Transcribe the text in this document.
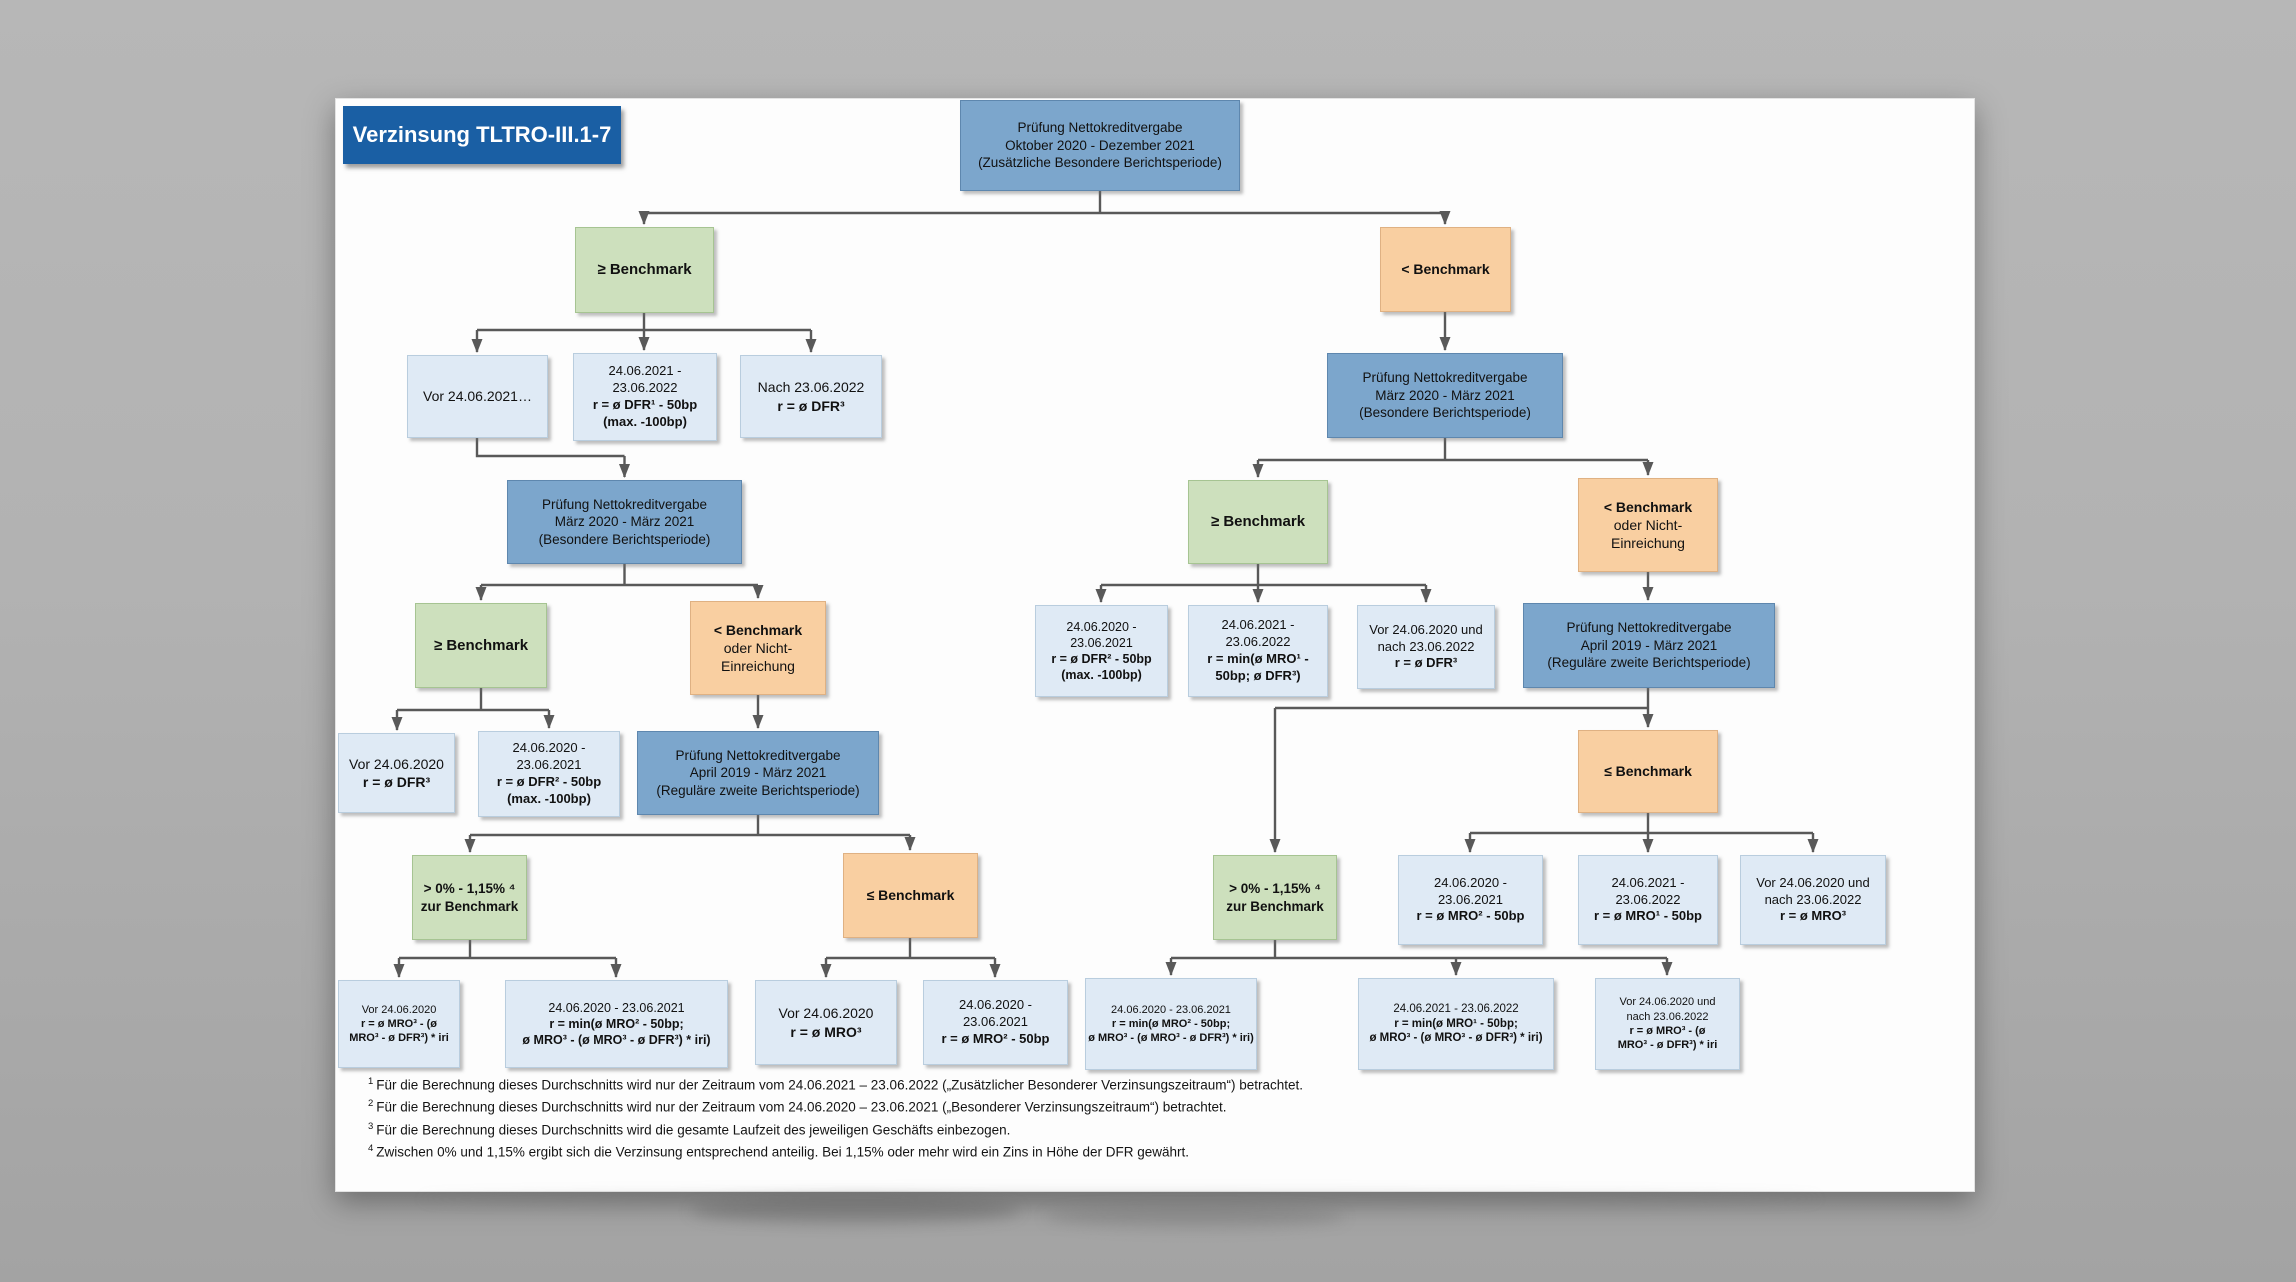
Verzinsung TLTRO-III.1-7	Prüfung Nettokreditvergabe
Oktober 2020 - Dezember 2021
(Zusätzliche Besondere Berichtsperiode)
≥ Benchmark	< Benchmark
Vor 24.06.2021…
24.06.2021 -
23.06.2022
r = ø DFR¹ - 50bp
(max. -100bp)
Nach 23.06.2022
r = ø DFR³
Prüfung Nettokreditvergabe
März 2020 - März 2021
(Besondere Berichtsperiode)
≥ Benchmark
< Benchmark
oder Nicht-
Einreichung
Vor 24.06.2020
r = ø DFR³
24.06.2020 -
23.06.2021
r = ø DFR² - 50bp
(max. -100bp)
Prüfung Nettokreditvergabe
April 2019 - März 2021
(Reguläre zweite Berichtsperiode)
> 0% - 1,15% ⁴
zur Benchmark
≤ Benchmark
Vor 24.06.2020
r = ø MRO³ - (ø
MRO³ - ø DFR³) * iri
24.06.2020 - 23.06.2021
r = min(ø MRO² - 50bp;
ø MRO³ - (ø MRO³ - ø DFR³) * iri)
Vor 24.06.2020
r = ø MRO³
24.06.2020 -
23.06.2021
r = ø MRO² - 50bp
Prüfung Nettokreditvergabe
März 2020 - März 2021
(Besondere Berichtsperiode)
≥ Benchmark
< Benchmark
oder Nicht-
Einreichung
24.06.2020 -
23.06.2021
r = ø DFR² - 50bp
(max. -100bp)
24.06.2021 -
23.06.2022
r = min(ø MRO¹ -
50bp; ø DFR³)
Vor 24.06.2020 und
nach 23.06.2022
r = ø DFR³
Prüfung Nettokreditvergabe
April 2019 - März 2021
(Reguläre zweite Berichtsperiode)
≤ Benchmark
> 0% - 1,15% ⁴
zur Benchmark
24.06.2020 -
23.06.2021
r = ø MRO² - 50bp
24.06.2021 -
23.06.2022
r = ø MRO¹ - 50bp
Vor 24.06.2020 und
nach 23.06.2022
r = ø MRO³
24.06.2020 - 23.06.2021
r = min(ø MRO² - 50bp;
ø MRO³ - (ø MRO³ - ø DFR³) * iri)
24.06.2021 - 23.06.2022
r = min(ø MRO¹ - 50bp;
ø MRO³ - (ø MRO³ - ø DFR³) * iri)
Vor 24.06.2020 und
nach 23.06.2022
r = ø MRO³ - (ø
MRO³ - ø DFR³) * iri
$^1$ Für die Berechnung dieses Durchschnitts wird nur der Zeitraum vom 24.06.2021 – 23.06.2022 („Zusätzlicher Besonderer Verzinsungszeitraum“) betrachtet.
$^2$ Für die Berechnung dieses Durchschnitts wird nur der Zeitraum vom 24.06.2020 – 23.06.2021 („Besonderer Verzinsungszeitraum“) betrachtet.
$^3$ Für die Berechnung dieses Durchschnitts wird die gesamte Laufzeit des jeweiligen Geschäfts einbezogen.
$^4$ Zwischen 0% und 1,15% ergibt sich die Verzinsung entsprechend anteilig. Bei 1,15% oder mehr wird ein Zins in Höhe der DFR gewährt.
